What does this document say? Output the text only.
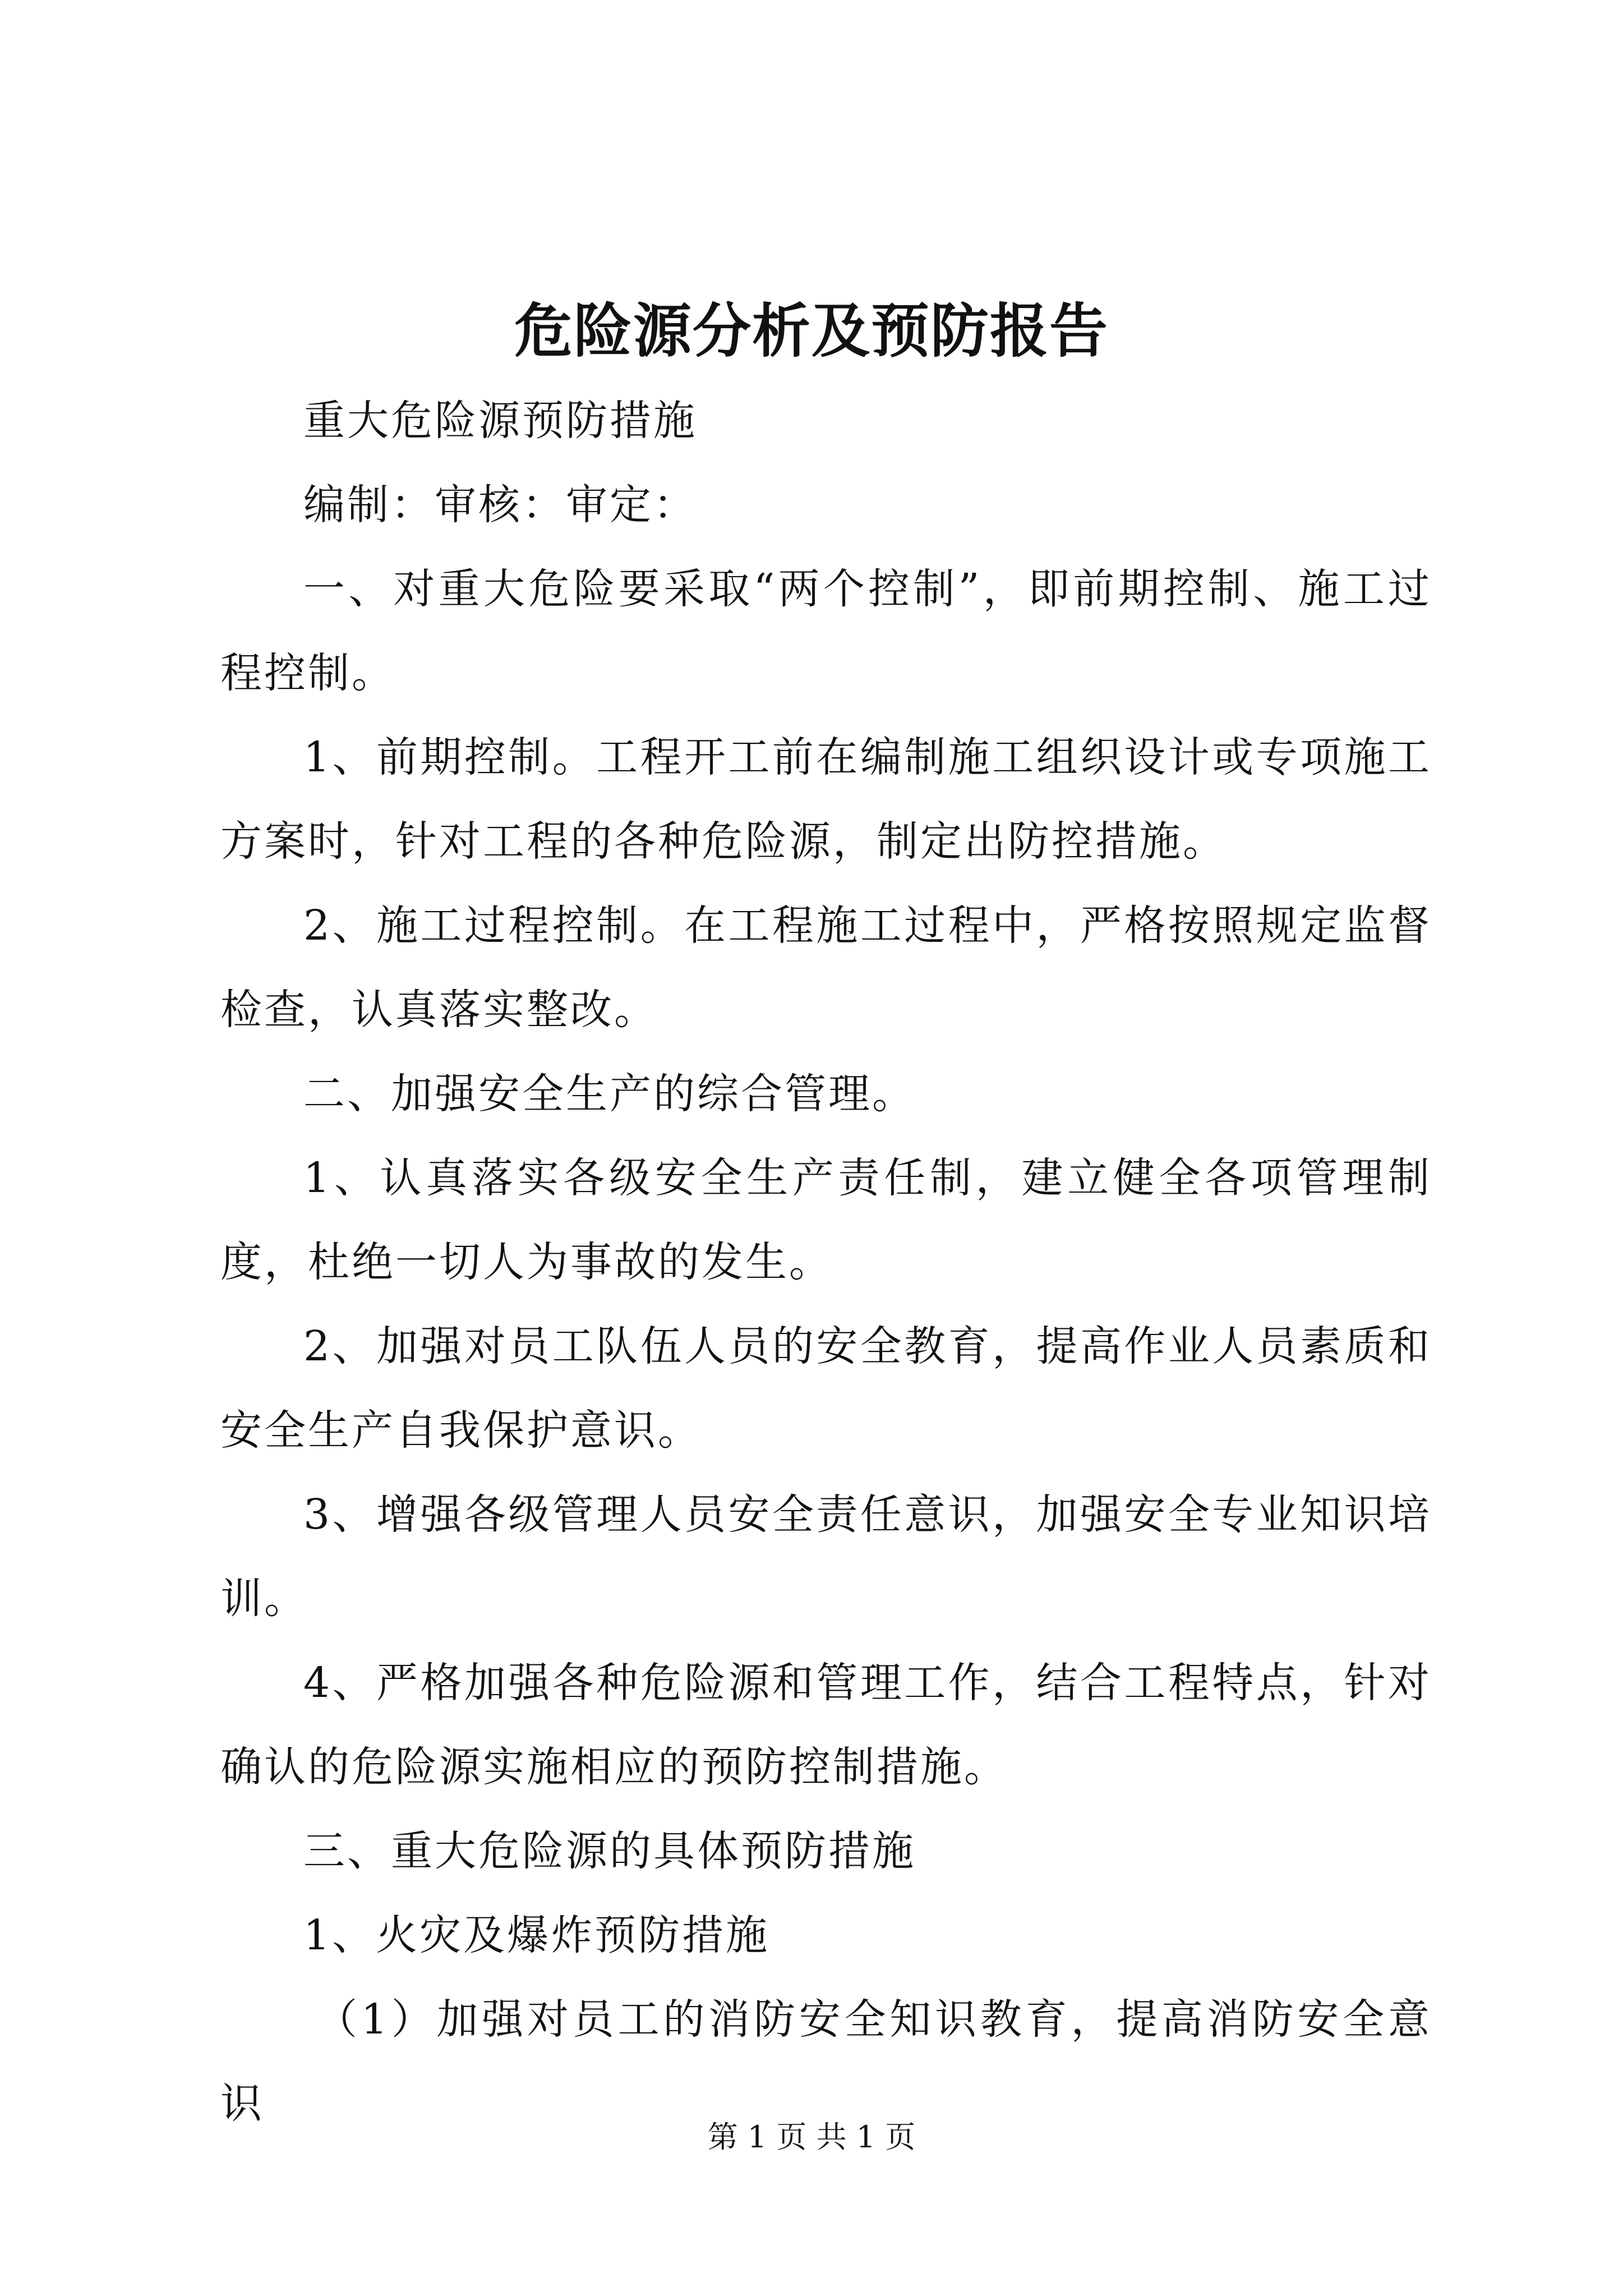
危险源分析及预防报告

重大危险源预防措施

编制：审核：审定：

一、对重大危险要采取“两个控制”，即前期控制、施工过程控制。

1、前期控制。工程开工前在编制施工组织设计或专项施工方案时，针对工程的各种危险源，制定出防控措施。

2、施工过程控制。在工程施工过程中，严格按照规定监督检查，认真落实整改。

二、加强安全生产的综合管理。

1、认真落实各级安全生产责任制，建立健全各项管理制度，杜绝一切人为事故的发生。

2、加强对员工队伍人员的安全教育，提高作业人员素质和安全生产自我保护意识。

3、增强各级管理人员安全责任意识，加强安全专业知识培训。

4、严格加强各种危险源和管理工作，结合工程特点，针对确认的危险源实施相应的预防控制措施。

三、重大危险源的具体预防措施

1、火灾及爆炸预防措施

（1）加强对员工的消防安全知识教育，提高消防安全意识

第 1 页 共 1 页
